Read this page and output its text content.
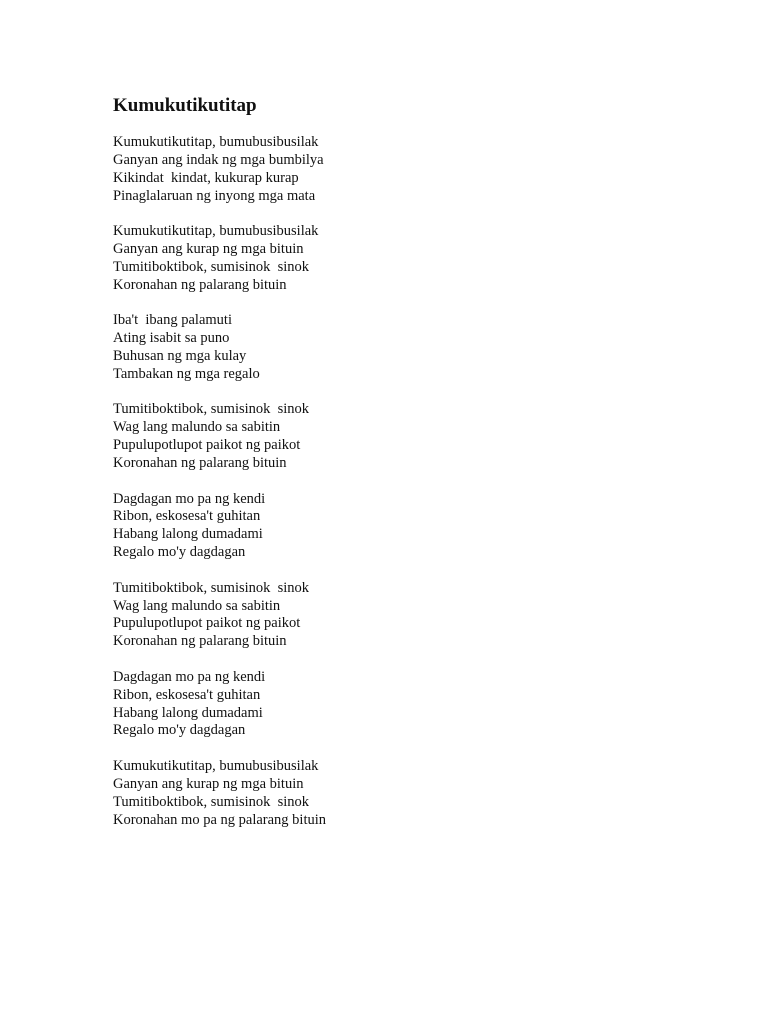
Kumukutikutitap
Kumukutikutitap, bumubusibusilak
Ganyan ang indak ng mga bumbilya
Kikindat  kindat, kukurap kurap
Pinaglalaruan ng inyong mga mata
Kumukutikutitap, bumubusibusilak
Ganyan ang kurap ng mga bituin
Tumitiboktibok, sumisinok  sinok
Koronahan ng palarang bituin
Iba't  ibang palamuti
Ating isabit sa puno
Buhusan ng mga kulay
Tambakan ng mga regalo
Tumitiboktibok, sumisinok  sinok
Wag lang malundo sa sabitin
Pupulupotlupot paikot ng paikot
Koronahan ng palarang bituin
Dagdagan mo pa ng kendi
Ribon, eskosesa't guhitan
Habang lalong dumadami
Regalo mo'y dagdagan
Tumitiboktibok, sumisinok  sinok
Wag lang malundo sa sabitin
Pupulupotlupot paikot ng paikot
Koronahan ng palarang bituin
Dagdagan mo pa ng kendi
Ribon, eskosesa't guhitan
Habang lalong dumadami
Regalo mo'y dagdagan
Kumukutikutitap, bumubusibusilak
Ganyan ang kurap ng mga bituin
Tumitiboktibok, sumisinok  sinok
Koronahan mo pa ng palarang bituin
